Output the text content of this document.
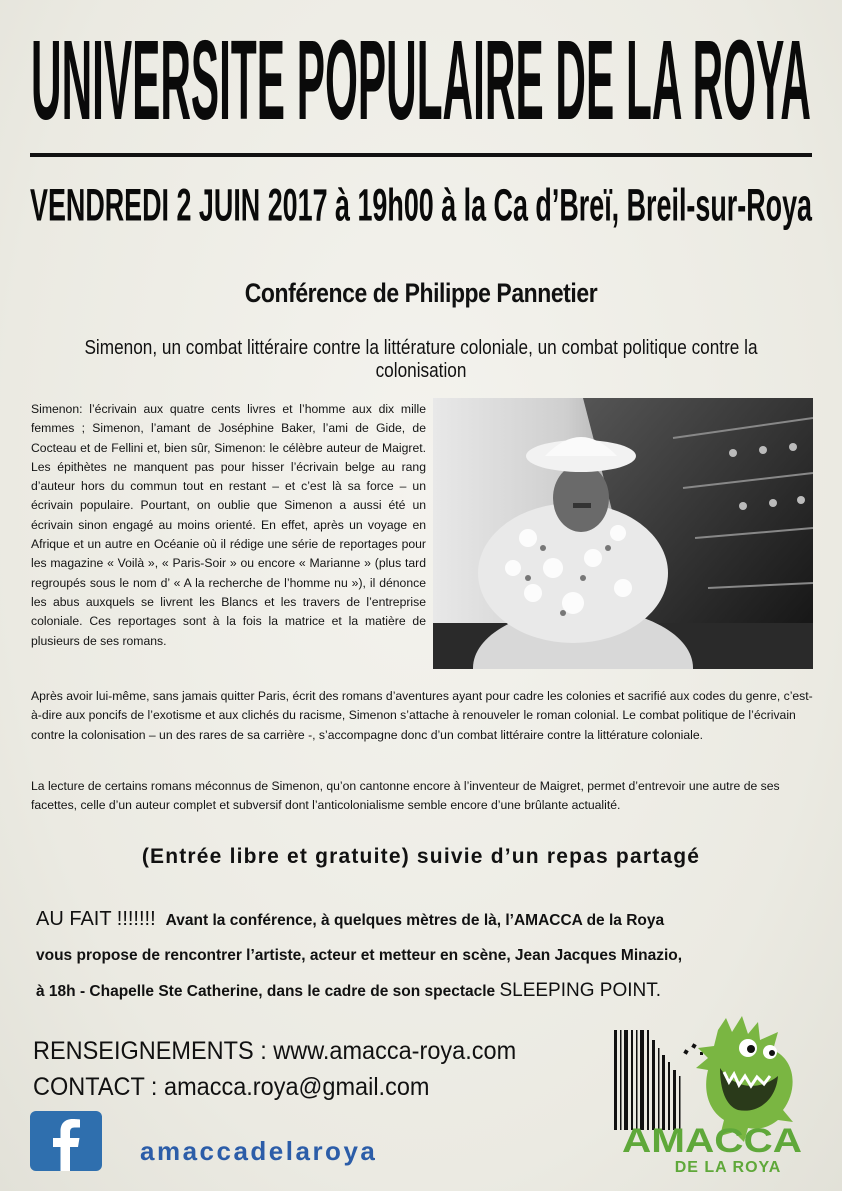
UNIVERSITE POPULAIRE DE LA ROYA
VENDREDI 2 JUIN 2017 à 19h00 à la Ca d’Breï, Breil-sur-Roya
Conférence de Philippe Pannetier
Simenon, un combat littéraire contre la littérature coloniale, un combat politique contre la colonisation
Simenon: l’écrivain aux quatre cents livres et l’homme aux dix mille femmes ; Simenon, l’amant de Joséphine Baker, l’ami de Gide, de Cocteau et de Fellini et, bien sûr, Simenon: le célèbre auteur de Maigret. Les épithètes ne manquent pas pour hisser l’écrivain belge au rang d’auteur hors du commun tout en restant – et c’est là sa force – un écrivain populaire. Pourtant, on oublie que Simenon a aussi été un écrivain sinon engagé au moins orienté. En effet, après un voyage en Afrique et un autre en Océanie où il rédige une série de reportages pour les magazine « Voilà », « Paris-Soir » ou encore « Marianne » (plus tard regroupés sous le nom d’ « A la recherche de l’homme nu »), il dénonce les abus auxquels se livrent les Blancs et les travers de l’entreprise coloniale. Ces reportages sont à la fois la matrice et la matière de plusieurs de ses romans.
Après avoir lui-même, sans jamais quitter Paris, écrit des romans d’aventures ayant pour cadre les colonies et sacrifié aux codes du genre, c’est-à-dire aux poncifs de l’exotisme et aux clichés du racisme, Simenon s’attache à renouveler le roman colonial. Le combat politique de l’écrivain contre la colonisation – un des rares de sa carrière -, s’accompagne donc d’un combat littéraire contre la littérature coloniale.
La lecture de certains romans méconnus de Simenon, qu’on cantonne encore à l’inventeur de Maigret, permet d’entrevoir une autre de ses facettes, celle d’un auteur complet et subversif dont l’anticolonialisme semble encore d’une brûlante actualité.
(Entrée libre et gratuite) suivie d’un repas partagé
AU FAIT !!!!!!! Avant la conférence, à quelques mètres de là, l’AMACCA de la Roya
vous propose de rencontrer l’artiste, acteur et metteur en scène, Jean Jacques Minazio,
à 18h - Chapelle Ste Catherine, dans le cadre de son spectacle SLEEPING POINT.
RENSEIGNEMENTS : www.amacca-roya.com
CONTACT : amacca.roya@gmail.com
amaccadelaroya	AMACCA
DE LA ROYA
